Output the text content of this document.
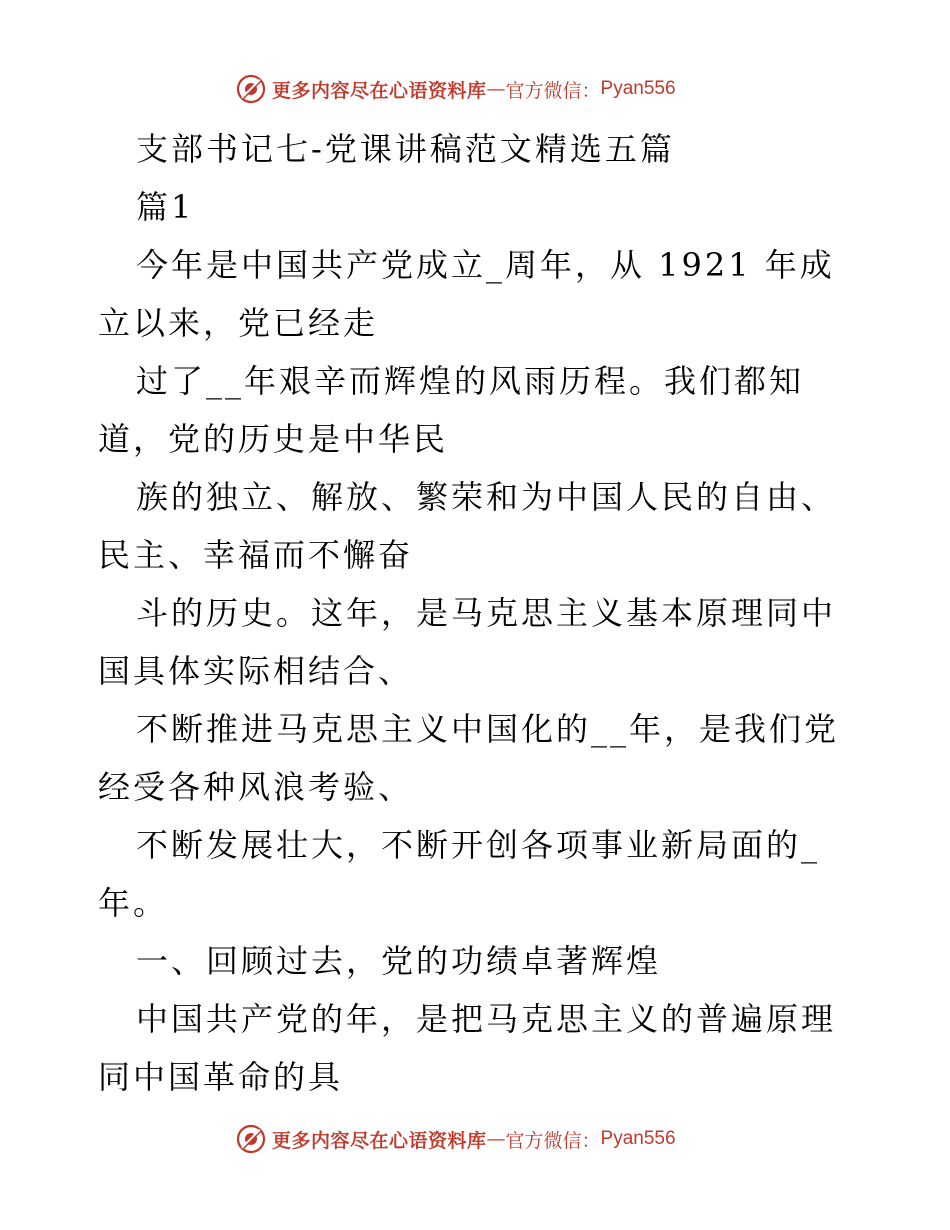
更多内容尽在心语资料库 — 官方微信： Pyan556

支部书记七-党课讲稿范文精选五篇

篇1

今年是中国共产党成立_周年，从 1921 年成立以来，党已经走

过了__年艰辛而辉煌的风雨历程。我们都知道，党的历史是中华民

族的独立、解放、繁荣和为中国人民的自由、民主、幸福而不懈奋

斗的历史。这年，是马克思主义基本原理同中国具体实际相结合、

不断推进马克思主义中国化的__年，是我们党经受各种风浪考验、

不断发展壮大，不断开创各项事业新局面的_年。

一、回顾过去，党的功绩卓著辉煌

中国共产党的年，是把马克思主义的普遍原理同中国革命的具

更多内容尽在心语资料库 — 官方微信： Pyan556
